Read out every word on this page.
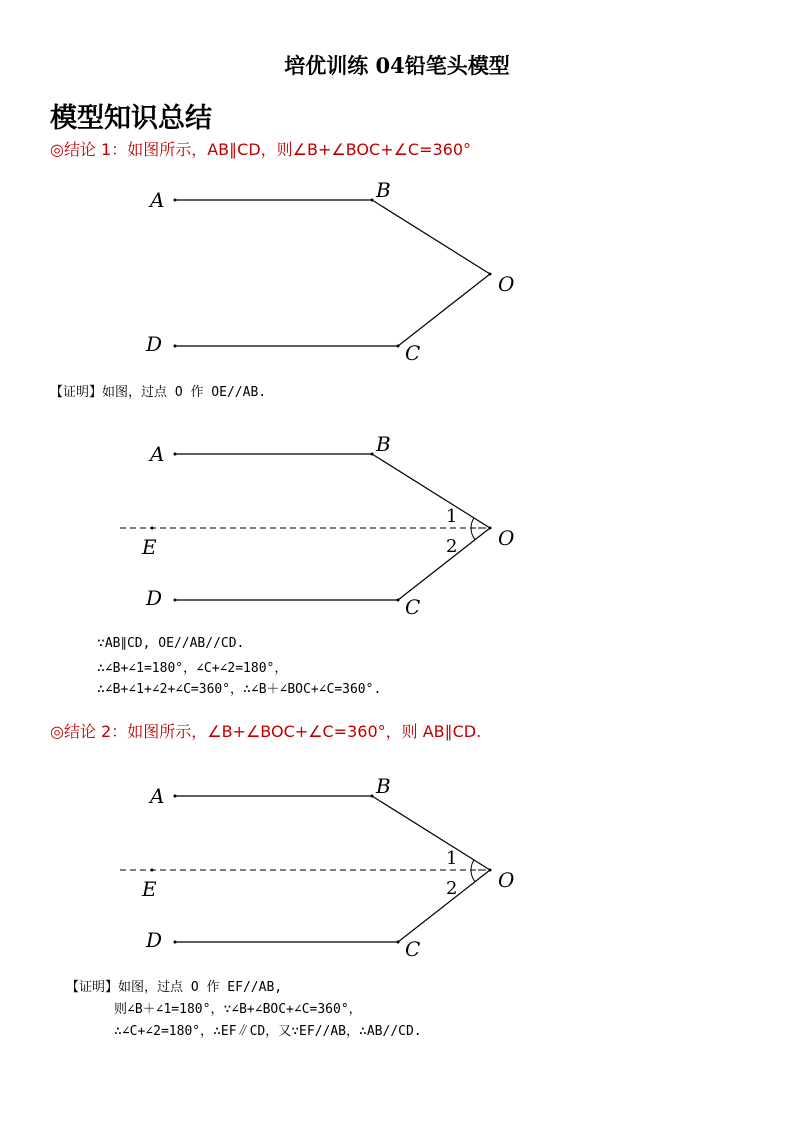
培优训练 04铅笔头模型
模型知识总结
◎结论 1：如图所示，AB∥CD，则∠B+∠BOC+∠C=360°
A	B
O
C
D
【证明】如图，过点 O 作 OE//AB.
A	B
O
C
D
E
1
2
∵AB∥CD, OE//AB//CD.
∴∠B+∠1=180°，∠C+∠2=180°，
∴∠B+∠1+∠2+∠C=360°，∴∠B＋∠BOC+∠C=360°.
◎结论 2：如图所示，∠B+∠BOC+∠C=360°，则 AB∥CD.
A	B
O
C
D
E
1
2
【证明】如图，过点 O 作 EF//AB,
则∠B＋∠1=180°，∵∠B+∠BOC+∠C=360°，
∴∠C+∠2=180°，∴EF∥CD，又∵EF//AB，∴AB//CD.
